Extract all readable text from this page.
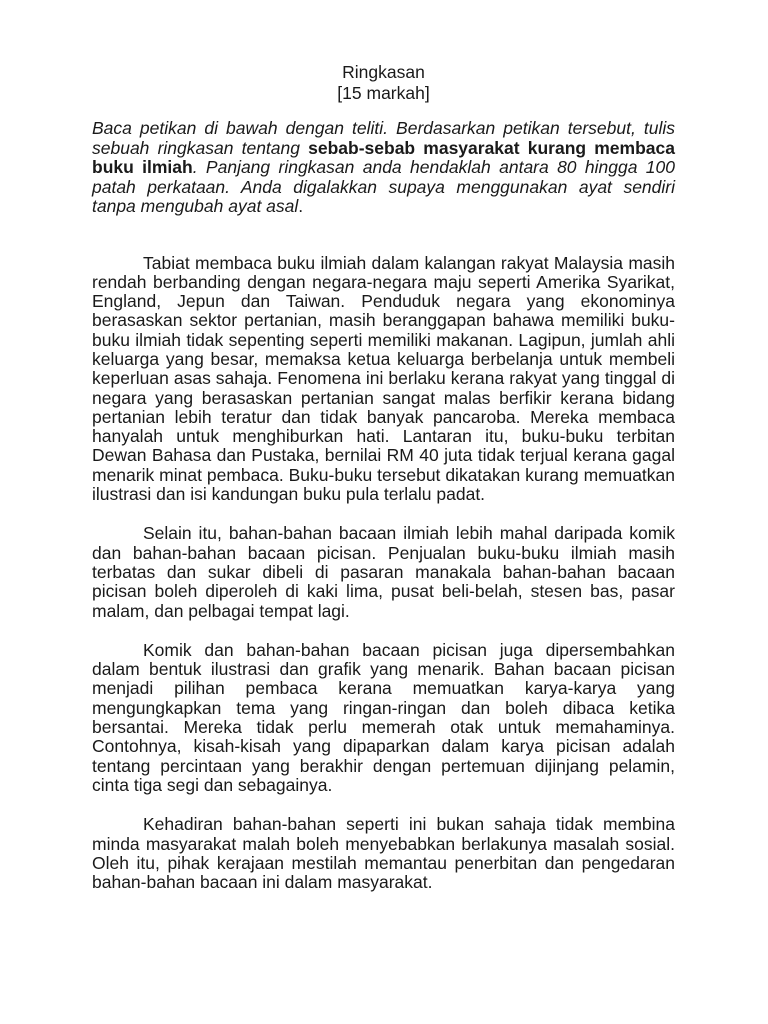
Ringkasan
[15 markah]
Baca petikan di bawah dengan teliti. Berdasarkan petikan tersebut, tulis sebuah ringkasan tentang sebab-sebab masyarakat kurang membaca buku ilmiah. Panjang ringkasan anda hendaklah antara 80 hingga 100 patah perkataan. Anda digalakkan supaya menggunakan ayat sendiri tanpa mengubah ayat asal.

Tabiat membaca buku ilmiah dalam kalangan rakyat Malaysia masih rendah berbanding dengan negara-negara maju seperti Amerika Syarikat, England, Jepun dan Taiwan. Penduduk negara yang ekonominya berasaskan sektor pertanian, masih beranggapan bahawa memiliki buku-buku ilmiah tidak sepenting seperti memiliki makanan. Lagipun, jumlah ahli keluarga yang besar, memaksa ketua keluarga berbelanja untuk membeli keperluan asas sahaja. Fenomena ini berlaku kerana rakyat yang tinggal di negara yang berasaskan pertanian sangat malas berfikir kerana bidang pertanian lebih teratur dan tidak banyak pancaroba. Mereka membaca hanyalah untuk menghiburkan hati. Lantaran itu, buku-buku terbitan Dewan Bahasa dan Pustaka, bernilai RM 40 juta tidak terjual kerana gagal menarik minat pembaca. Buku-buku tersebut dikatakan kurang memuatkan ilustrasi dan isi kandungan buku pula terlalu padat.

Selain itu, bahan-bahan bacaan ilmiah lebih mahal daripada komik dan bahan-bahan bacaan picisan. Penjualan buku-buku ilmiah masih terbatas dan sukar dibeli di pasaran manakala bahan-bahan bacaan picisan boleh diperoleh di kaki lima, pusat beli-belah, stesen bas, pasar malam, dan pelbagai tempat lagi.

Komik dan bahan-bahan bacaan picisan juga dipersembahkan dalam bentuk ilustrasi dan grafik yang menarik. Bahan bacaan picisan menjadi pilihan pembaca kerana memuatkan karya-karya yang mengungkapkan tema yang ringan-ringan dan boleh dibaca ketika bersantai. Mereka tidak perlu memerah otak untuk memahaminya. Contohnya, kisah-kisah yang dipaparkan dalam karya picisan adalah tentang percintaan yang berakhir dengan pertemuan dijinjang pelamin, cinta tiga segi dan sebagainya.

Kehadiran bahan-bahan seperti ini bukan sahaja tidak membina minda masyarakat malah boleh menyebabkan berlakunya masalah sosial. Oleh itu, pihak kerajaan mestilah memantau penerbitan dan pengedaran bahan-bahan bacaan ini dalam masyarakat.
